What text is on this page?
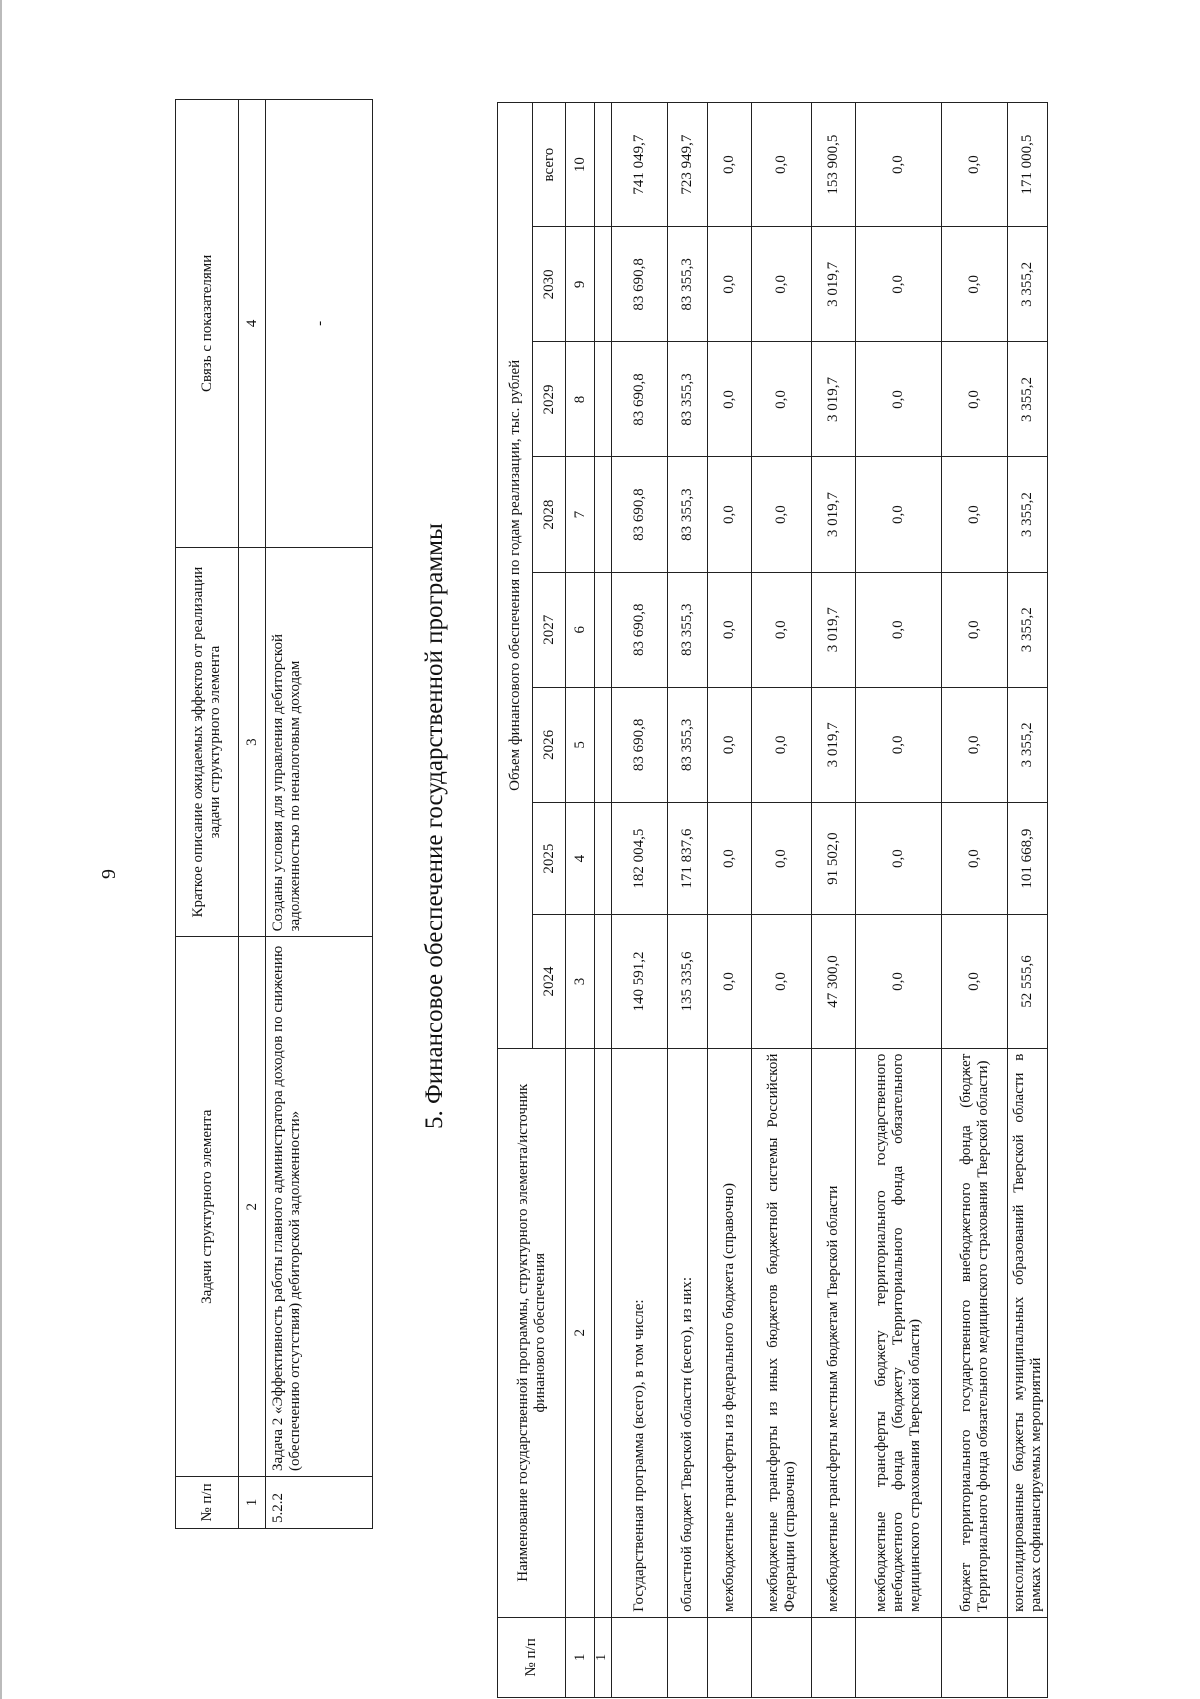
9
№ п/п	Задачи структурного элемента	Краткое описание ожидаемых эффектов от реализации задачи структурного элемента	Связь с показателями
1	2	3	4
5.2.2	Задача 2 «Эффективность работы главного администратора доходов по снижению (обеспечению отсутствия) дебиторской задолженности»	Созданы условия для управления дебиторской задолженностью по неналоговым доходам	-
5. Финансовое обеспечение государственной программы
№ п/п	Наименование государственной программы, структурного элемента/источник финанового обеспечения	Объем финансового обеспечения по годам реализации, тыс. рублей							
		2024	2025	2026	2027	2028	2029	2030	всего
1	2	3	4	5	6	7	8	9	10
1									
	Государственная программа (всего), в том числе:	140 591,2	182 004,5	83 690,8	83 690,8	83 690,8	83 690,8	83 690,8	741 049,7
	областной бюджет Тверской области (всего), из них:	135 335,6	171 837,6	83 355,3	83 355,3	83 355,3	83 355,3	83 355,3	723 949,7
	межбюджетные трансферты из федерального бюджета (справочно)	0,0	0,0	0,0	0,0	0,0	0,0	0,0	0,0
	межбюджетные трансферты из иных бюджетов бюджетной системы Российской Федерации (справочно)	0,0	0,0	0,0	0,0	0,0	0,0	0,0	0,0
	межбюджетные трансферты местным бюджетам Тверской области	47 300,0	91 502,0	3 019,7	3 019,7	3 019,7	3 019,7	3 019,7	153 900,5
	межбюджетные трансферты бюджету территориального государственного внебюджетного фонда (бюджету Территориального фонда обязательного медицинского страхования Тверской области)	0,0	0,0	0,0	0,0	0,0	0,0	0,0	0,0
	бюджет территориального государственного внебюджетного фонда (бюджет Территориального фонда обязательного медицинского страхования Тверской области)	0,0	0,0	0,0	0,0	0,0	0,0	0,0	0,0
	консолидированные бюджеты муниципальных образований Тверской области в рамках софинансируемых мероприятий	52 555,6	101 668,9	3 355,2	3 355,2	3 355,2	3 355,2	3 355,2	171 000,5
